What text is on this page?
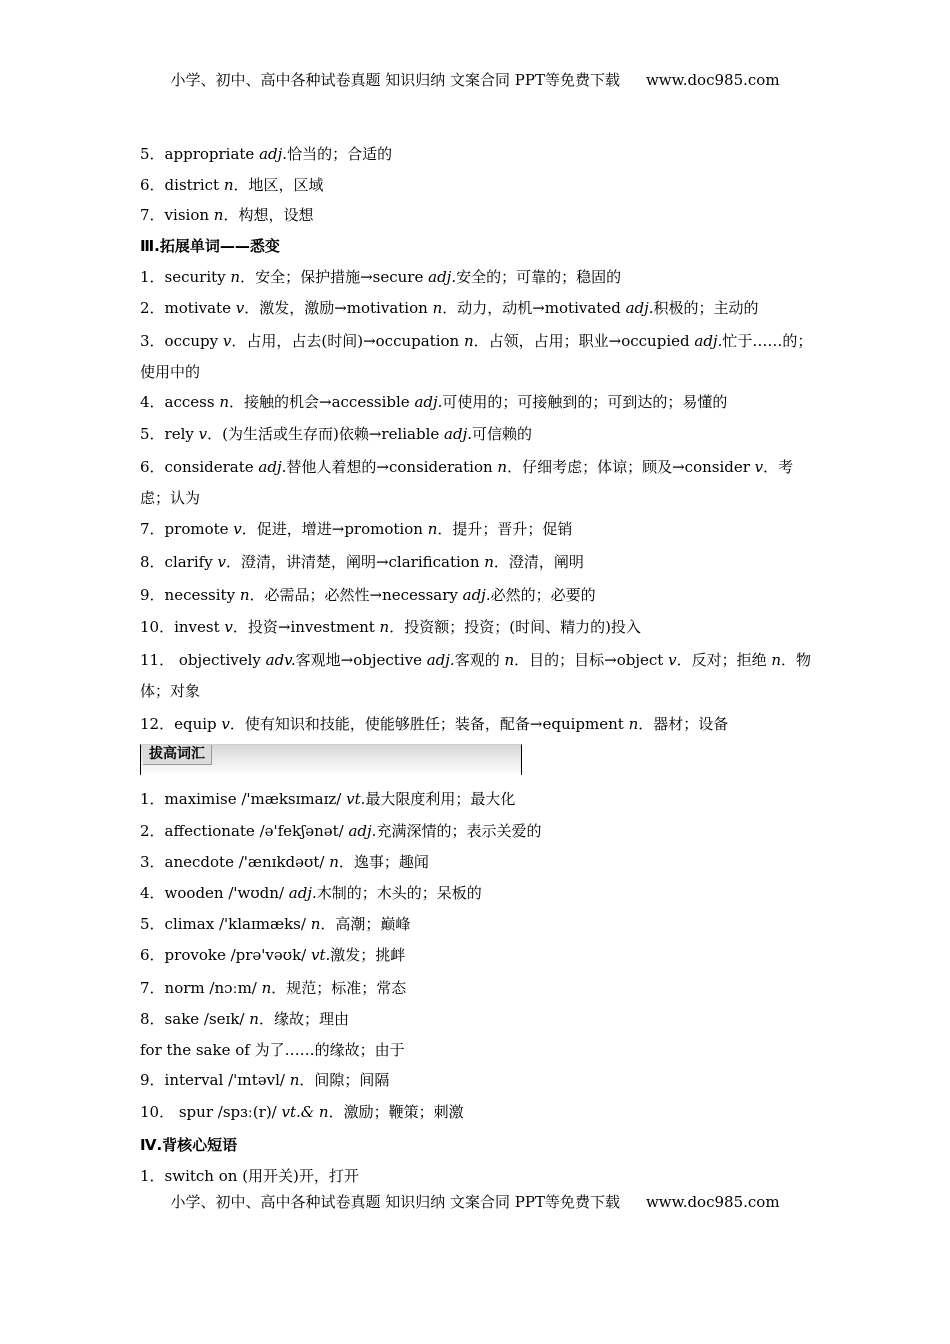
小学、初中、高中各种试卷真题 知识归纳 文案合同 PPT等免费下载 www.doc985.com
5．appropriate adj.恰当的；合适的
6．district n．地区，区域
7．vision n．构想，设想
Ⅲ.拓展单词——悉变
1．security n．安全；保护措施→secure adj.安全的；可靠的；稳固的
2．motivate v．激发，激励→motivation n．动力，动机→motivated adj.积极的；主动的
3．occupy v．占用，占去(时间)→occupation n．占领，占用；职业→occupied adj.忙于……的；使用中的
4．access n．接触的机会→accessible adj.可使用的；可接触到的；可到达的；易懂的
5．rely v．(为生活或生存而)依赖→reliable adj.可信赖的
6．considerate adj.替他人着想的→consideration n．仔细考虑；体谅；顾及→consider v．考虑；认为
7．promote v．促进，增进→promotion n．提升；晋升；促销
8．clarify v．澄清，讲清楚，阐明→clarification n．澄清，阐明
9．necessity n．必需品；必然性→necessary adj.必然的；必要的
10．invest v．投资→investment n．投资额；投资；(时间、精力的)投入
11． objectively adv.客观地→objective adj.客观的 n．目的；目标→object v．反对；拒绝 n．物体；对象
12．equip v．使有知识和技能，使能够胜任；装备，配备→equipment n．器材；设备
拔高词汇
1．maximise /'mæksɪmaɪz/ vt.最大限度利用；最大化
2．affectionate /ə'fekʃənət/ adj.充满深情的；表示关爱的
3．anecdote /'ænɪkdəʊt/ n．逸事；趣闻
4．wooden /'wʊdn/ adj.木制的；木头的；呆板的
5．climax /'klaɪmæks/ n．高潮；巅峰
6．provoke /prə'vəʊk/ vt.激发；挑衅
7．norm /nɔːm/ n．规范；标准；常态
8．sake /seɪk/ n．缘故；理由
for the sake of 为了……的缘故；由于
9．interval /'ɪntəvl/ n．间隙；间隔
10． spur /spɜː(r)/ vt.& n．激励；鞭策；刺激
Ⅳ.背核心短语
1．switch on (用开关)开，打开
小学、初中、高中各种试卷真题 知识归纳 文案合同 PPT等免费下载 www.doc985.com
